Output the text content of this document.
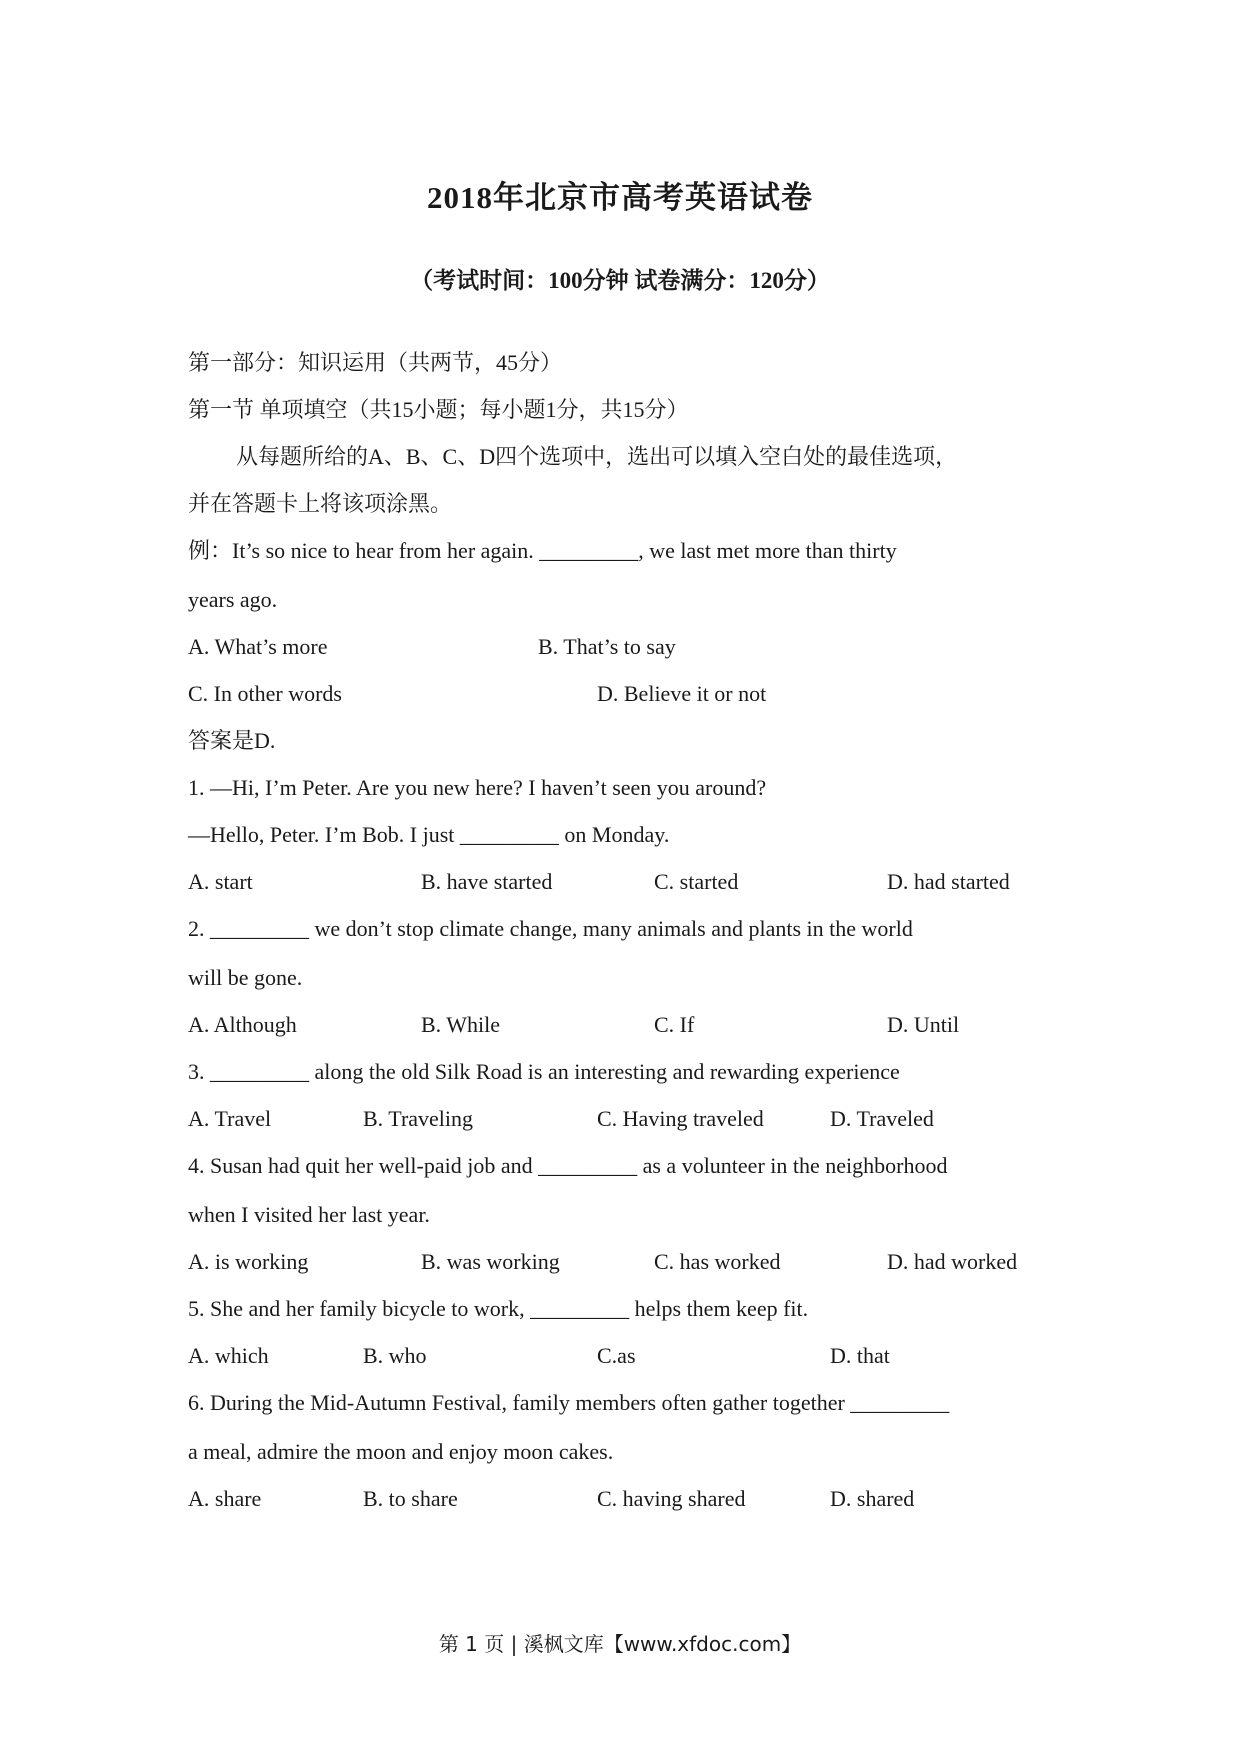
2018年北京市高考英语试卷
（考试时间：100分钟 试卷满分：120分）

第一部分：知识运用（共两节，45分）

第一节 单项填空（共15小题；每小题1分，共15分）

从每题所给的A、B、C、D四个选项中，选出可以填入空白处的最佳选项，

并在答题卡上将该项涂黑。

例：It’s so nice to hear from her again. _________, we last met more than thirty

years ago.

A. What’s more	B. That’s to say
C. In other words	D. Believe it or not

答案是D.

1. —Hi, I’m Peter. Are you new here? I haven’t seen you around?

—Hello, Peter. I’m Bob. I just _________ on Monday.

A. start	B. have started	C. started	D. had started

2. _________ we don’t stop climate change, many animals and plants in the world

will be gone.

A. Although	B. While	C. If	D. Until

3. _________ along the old Silk Road is an interesting and rewarding experience

A. Travel	B. Traveling	C. Having traveled	D. Traveled

4. Susan had quit her well-paid job and _________ as a volunteer in the neighborhood

when I visited her last year.

A. is working	B. was working	C. has worked	D. had worked

5. She and her family bicycle to work, _________ helps them keep fit.

A. which	B. who	C.as	D. that

6. During the Mid-Autumn Festival, family members often gather together _________

a meal, admire the moon and enjoy moon cakes.

A. share	B. to share	C. having shared	D. shared
第 1 页 | 溪枫文库【www.xfdoc.com】
